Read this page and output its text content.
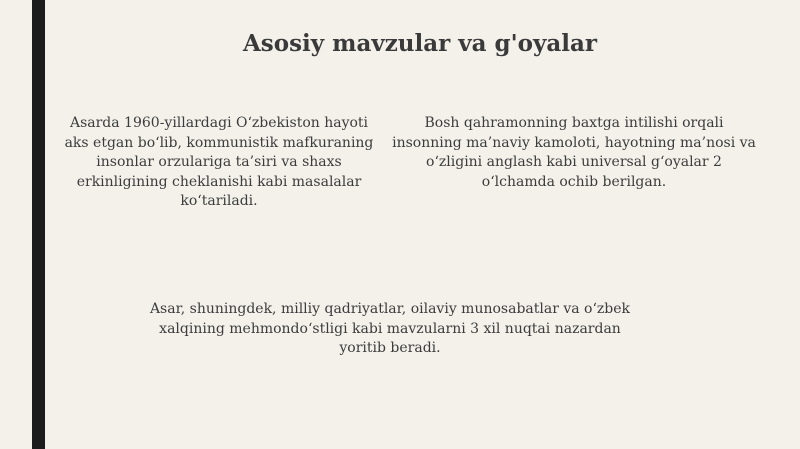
Asosiy mavzular va g'oyalar
Asarda 1960-yillardagi O‘zbekiston hayoti aks etgan bo‘lib, kommunistik mafkuraning insonlar orzulariga ta’siri va shaxs erkinligining cheklanishi kabi masalalar ko‘tariladi.
Bosh qahramonning baxtga intilishi orqali insonning ma’naviy kamoloti, hayotning ma’nosi va o‘zligini anglash kabi universal g‘oyalar 2 o‘lchamda ochib berilgan.
Asar, shuningdek, milliy qadriyatlar, oilaviy munosabatlar va o‘zbek xalqining mehmondo‘stligi kabi mavzularni 3 xil nuqtai nazardan yoritib beradi.
